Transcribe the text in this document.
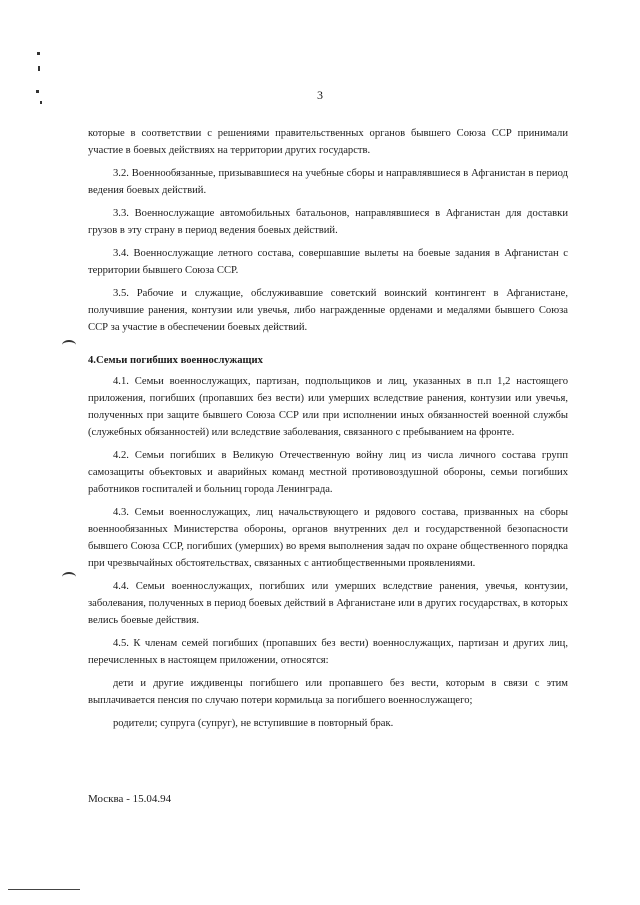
3

которые в соответствии с решениями правительственных органов бывшего Союза ССР принимали участие в боевых действиях на территории других государств.

3.2. Военнообязанные, призывавшиеся на учебные сборы и направлявшиеся в Афганистан в период ведения боевых действий.

3.3. Военнослужащие автомобильных батальонов, направлявшиеся в Афганистан для доставки грузов в эту страну в период ведения боевых действий.

3.4. Военнослужащие летного состава, совершавшие вылеты на боевые задания в Афганистан с территории бывшего Союза ССР.

3.5. Рабочие и служащие, обслуживавшие советский воинский контингент в Афганистане, получившие ранения, контузии или увечья, либо награжденные орденами и медалями бывшего Союза ССР за участие в обеспечении боевых действий.

4.Семьи погибших военнослужащих

4.1. Семьи военнослужащих, партизан, подпольщиков и лиц, указанных в п.п 1,2 настоящего приложения, погибших (пропавших без вести) или умерших вследствие ранения, контузии или увечья, полученных при защите бывшего Союза ССР или при исполнении иных обязанностей военной службы (служебных обязанностей) или вследствие заболевания, связанного с пребыванием на фронте.

4.2. Семьи погибших в Великую Отечественную войну лиц из числа личного состава групп самозащиты объектовых и аварийных команд местной противовоздушной обороны, семьи погибших работников госпиталей и больниц города Ленинграда.

4.3. Семьи военнослужащих, лиц начальствующего и рядового состава, призванных на сборы военнообязанных Министерства обороны, органов внутренних дел и государственной безопасности бывшего Союза ССР, погибших (умерших) во время выполнения задач по охране общественного порядка при чрезвычайных обстоятельствах, связанных с антиобщественными проявлениями.

4.4. Семьи военнослужащих, погибших или умерших вследствие ранения, увечья, контузии, заболевания, полученных в период боевых действий в Афганистане или в других государствах, в которых велись боевые действия.

4.5. К членам семей погибших (пропавших без вести) военнослужащих, партизан и других лиц, перечисленных в настоящем приложении, относятся:

дети и другие иждивенцы погибшего или пропавшего без вести, которым в связи с этим выплачивается пенсия по случаю потери кормильца за погибшего военнослужащего;

родители; супруга (супруг), не вступившие в повторный брак.

Москва - 15.04.94
